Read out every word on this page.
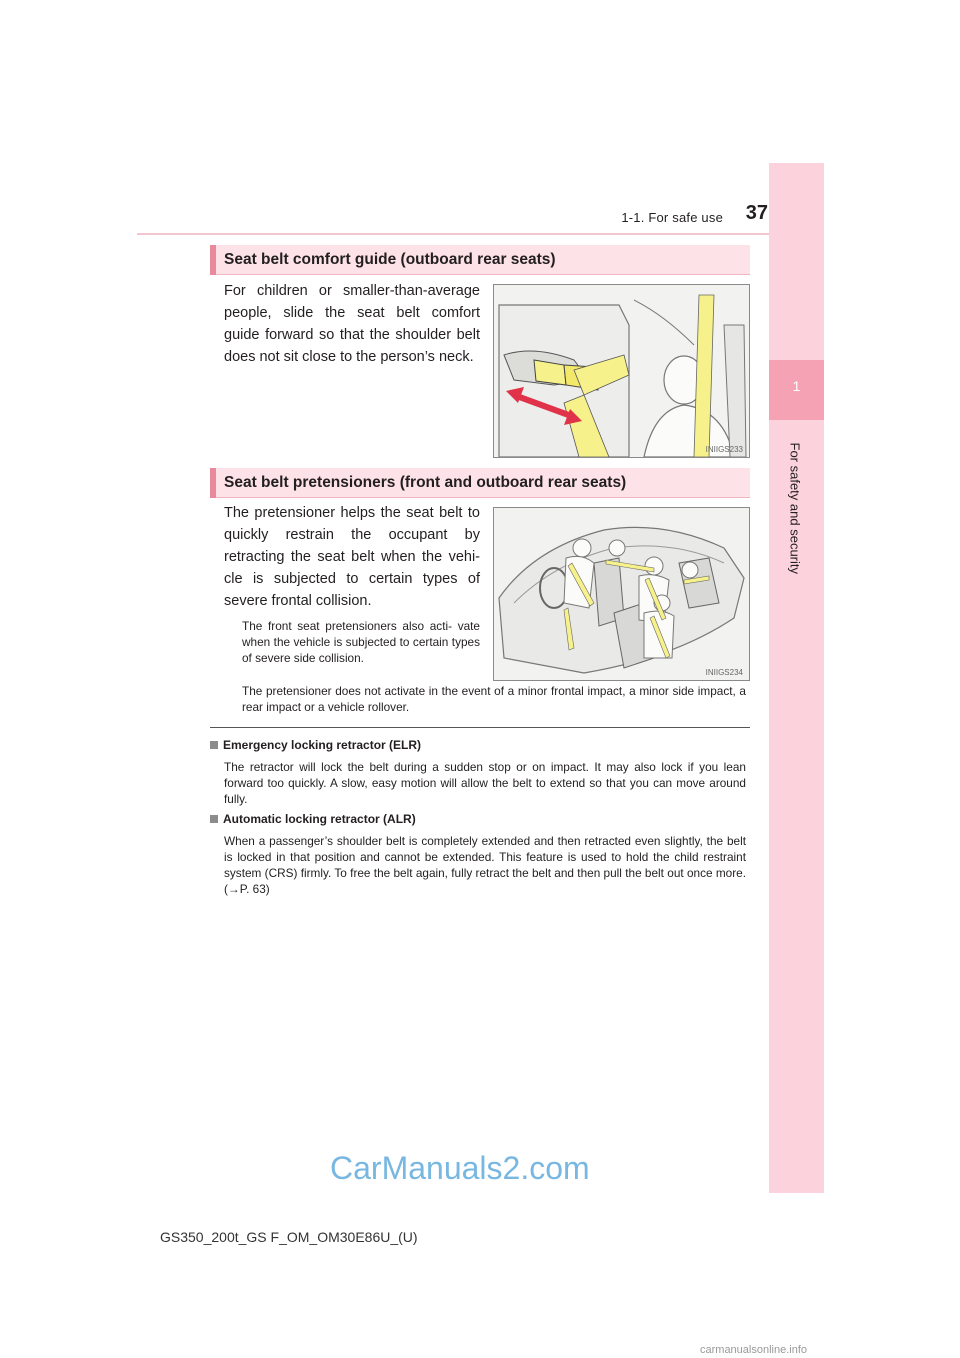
1-1. For safe use	37
1
For safety and security
Seat belt comfort guide (outboard rear seats)
For children or smaller-than-average people, slide the seat belt comfort guide forward so that the shoulder belt does not sit close to the person’s neck.
INIIGS233
Seat belt pretensioners (front and outboard rear seats)
The pretensioner helps the seat belt to quickly restrain the occupant by retracting the seat belt when the vehi- cle is subjected to certain types of severe frontal collision.
The front seat pretensioners also acti- vate when the vehicle is subjected to certain types of severe side collision.
INIIGS234
The pretensioner does not activate in the event of a minor frontal impact, a minor side impact, a rear impact or a vehicle rollover.
Emergency locking retractor (ELR)
The retractor will lock the belt during a sudden stop or on impact. It may also lock if you lean forward too quickly. A slow, easy motion will allow the belt to extend so that you can move around fully.
Automatic locking retractor (ALR)
When a passenger’s shoulder belt is completely extended and then retracted even slightly, the belt is locked in that position and cannot be extended. This feature is used to hold the child restraint system (CRS) firmly. To free the belt again, fully retract the belt and then pull the belt out once more. (→P. 63)
CarManuals2.com
GS350_200t_GS F_OM_OM30E86U_(U)
carmanualsonline.info
